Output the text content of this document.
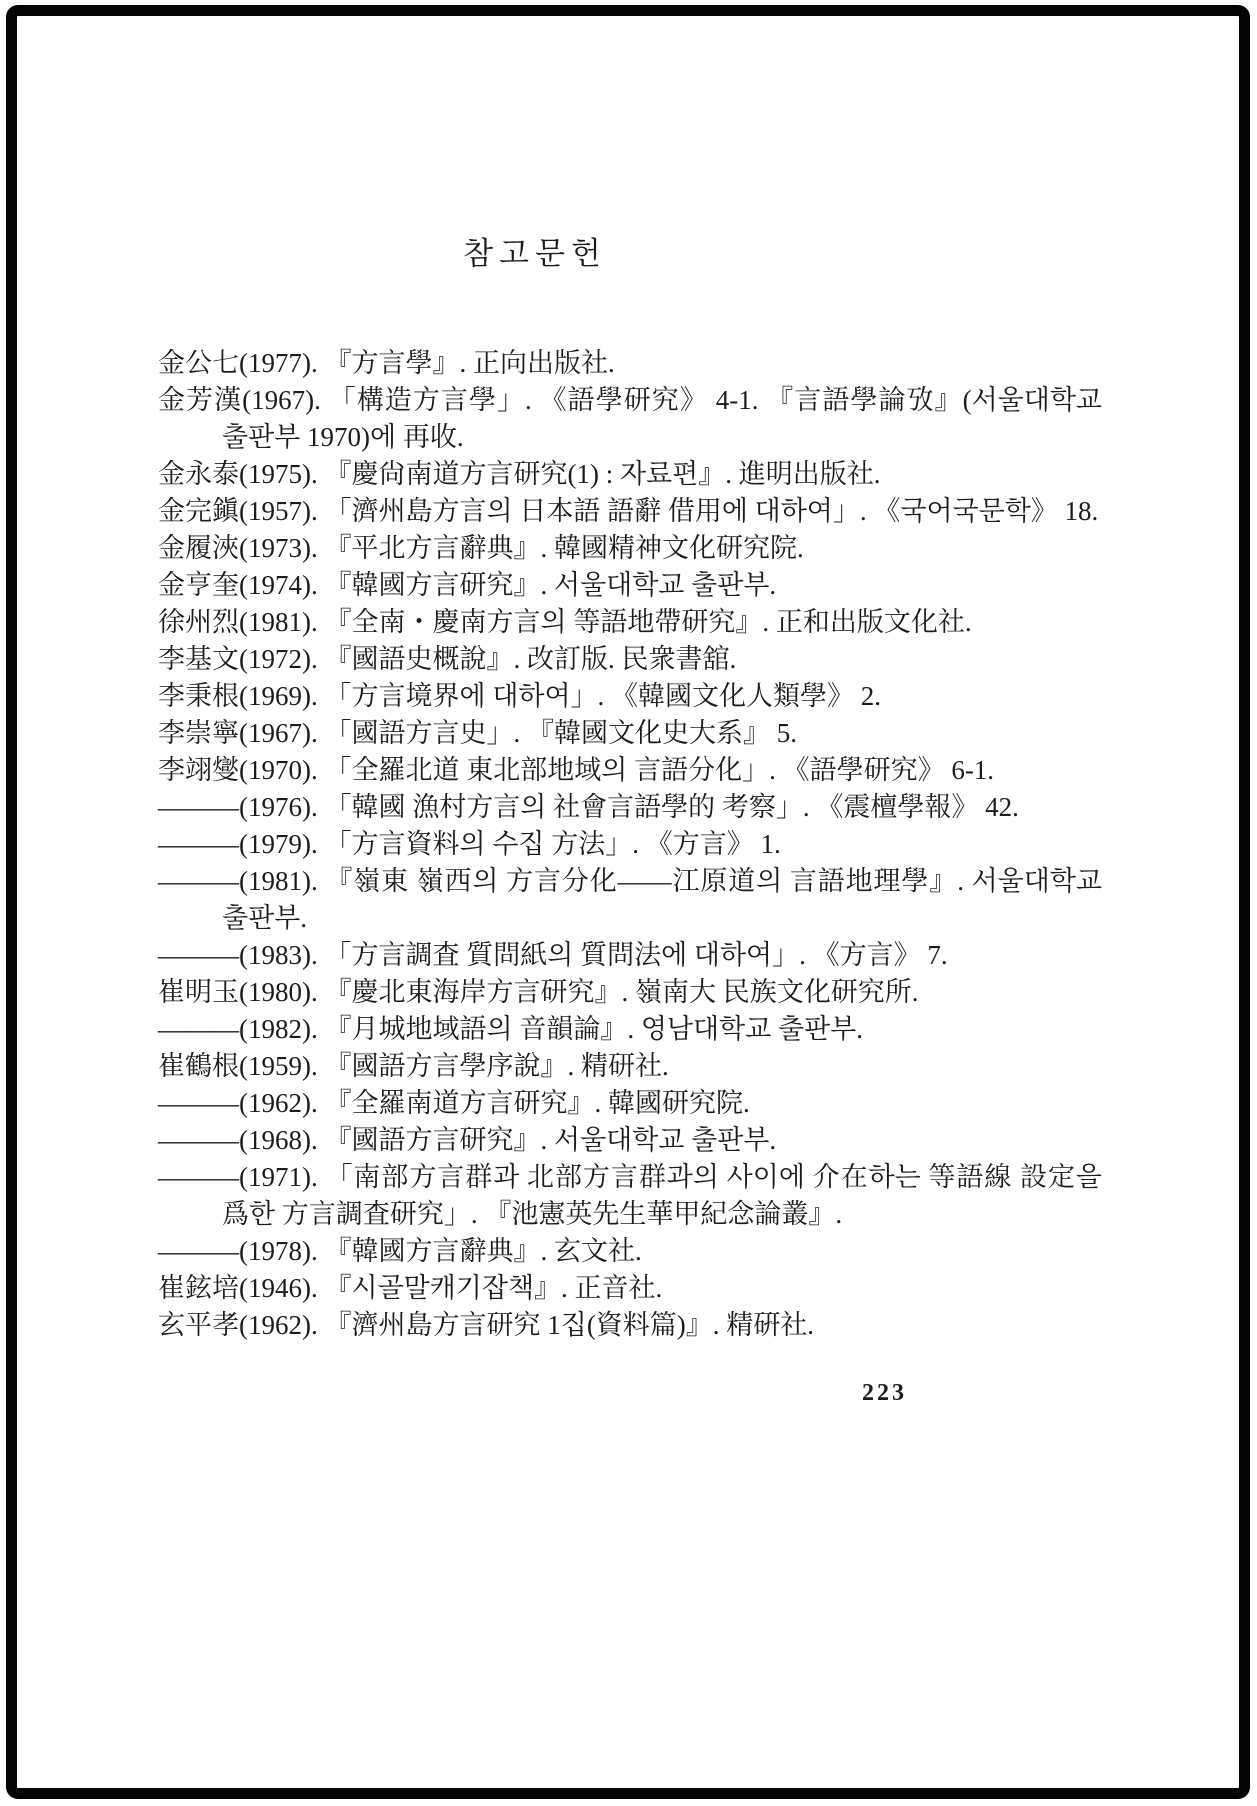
참고문헌

金公七(1977). 『方言學』. 正向出版社.

金芳漢(1967). 「構造方言學」. 《語學研究》 4-1. 『言語學論攷』(서울대학교 출판부 1970)에 再收.

金永泰(1975). 『慶尙南道方言研究(1) : 자료편』. 進明出版社.

金完鎭(1957). 「濟州島方言의 日本語 語辭 借用에 대하여」. 《국어국문학》 18.

金履浹(1973). 『平北方言辭典』. 韓國精神文化研究院.

金亨奎(1974). 『韓國方言研究』. 서울대학교 출판부.

徐州烈(1981). 『全南・慶南方言의 等語地帶研究』. 正和出版文化社.

李基文(1972). 『國語史概說』. 改訂版. 民衆書舘.

李秉根(1969). 「方言境界에 대하여」. 《韓國文化人類學》 2.

李崇寧(1967). 「國語方言史」. 『韓國文化史大系』 5.

李翊燮(1970). 「全羅北道 東北部地域의 言語分化」. 《語學研究》 6-1.

———(1976). 「韓國 漁村方言의 社會言語學的 考察」. 《震檀學報》 42.

———(1979). 「方言資料의 수집 方法」. 《方言》 1.

———(1981). 『嶺東 嶺西의 方言分化——江原道의 言語地理學』. 서울대학교 출판부.

———(1983). 「方言調査 質問紙의 質問法에 대하여」. 《方言》 7.

崔明玉(1980). 『慶北東海岸方言研究』. 嶺南大 民族文化研究所.

———(1982). 『月城地域語의 音韻論』. 영남대학교 출판부.

崔鶴根(1959). 『國語方言學序說』. 精研社.

———(1962). 『全羅南道方言研究』. 韓國研究院.

———(1968). 『國語方言研究』. 서울대학교 출판부.

———(1971). 「南部方言群과 北部方言群과의 사이에 介在하는 等語線 設定을 爲한 方言調査研究」. 『池憲英先生華甲紀念論叢』.

———(1978). 『韓國方言辭典』. 玄文社.

崔鉉培(1946). 『시골말캐기잡책』. 正音社.

玄平孝(1962). 『濟州島方言研究 1집(資料篇)』. 精硏社.

223
